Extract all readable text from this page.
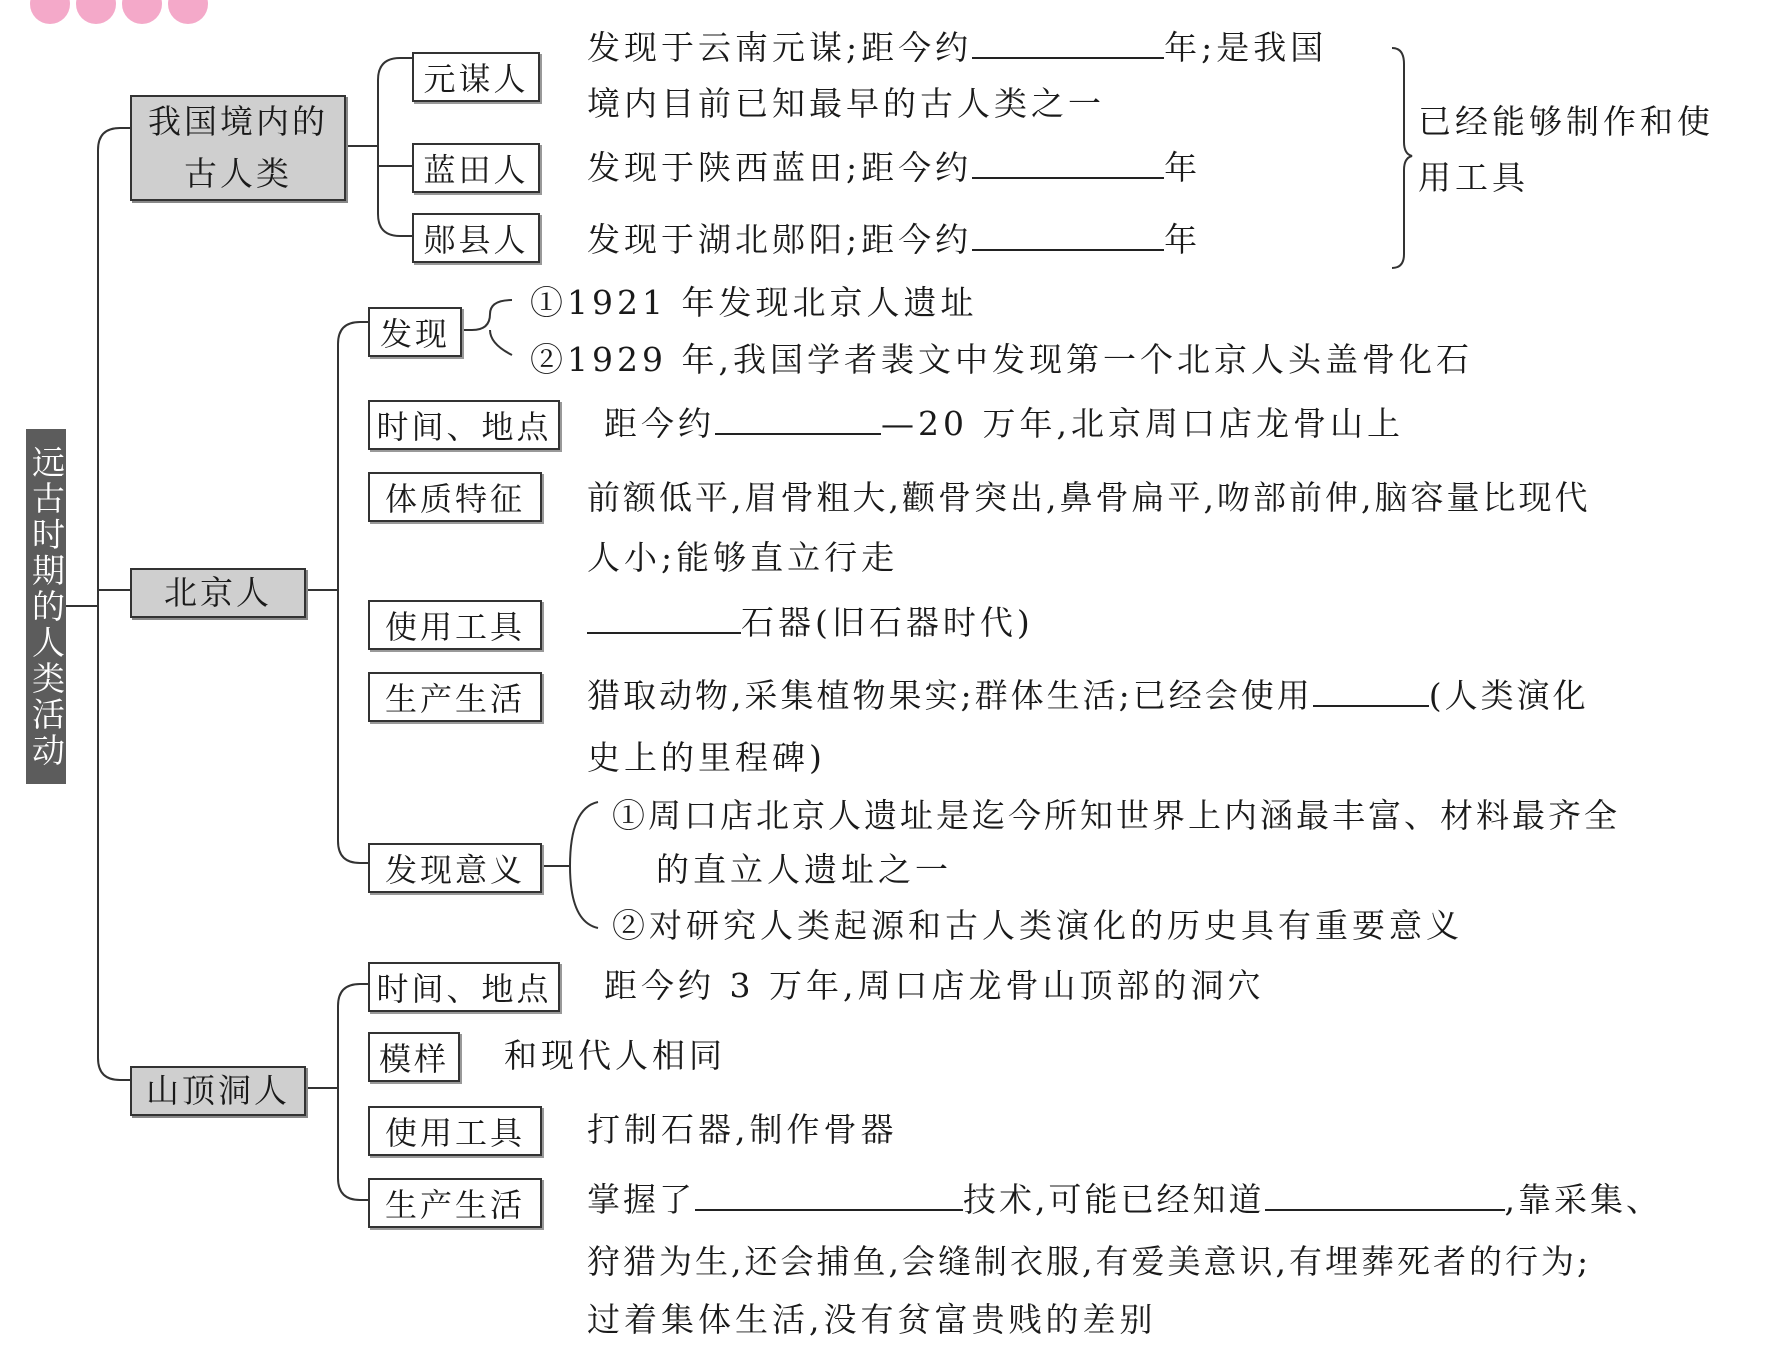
远古时期的人类活动
我国境内的古人类
元谋人
发现于云南元谋;距今约	年;是我国
境内目前已知最早的古人类之一
蓝田人	发现于陕西蓝田;距今约	年
郧县人	发现于湖北郧阳;距今约	年
已经能够制作和使用工具
北京人
发现
①1921 年发现北京人遗址
②1929 年,我国学者裴文中发现第一个北京人头盖骨化石
时间、地点 距今约	—20 万年,北京周口店龙骨山上
体质特征	前额低平,眉骨粗大,颧骨突出,鼻骨扁平,吻部前伸,脑容量比现代
人小;能够直立行走
使用工具	石器(旧石器时代)
生产生活	猎取动物,采集植物果实;群体生活;已经会使用	(人类演化
史上的里程碑)
发现意义
①周口店北京人遗址是迄今所知世界上内涵最丰富、材料最齐全
的直立人遗址之一
②对研究人类起源和古人类演化的历史具有重要意义
山顶洞人
时间、地点 距今约 3 万年,周口店龙骨山顶部的洞穴
模样	和现代人相同
使用工具	打制石器,制作骨器
生产生活	掌握了	技术,可能已经知道	,靠采集、
狩猎为生,还会捕鱼,会缝制衣服,有爱美意识,有埋葬死者的行为;
过着集体生活,没有贫富贵贱的差别
